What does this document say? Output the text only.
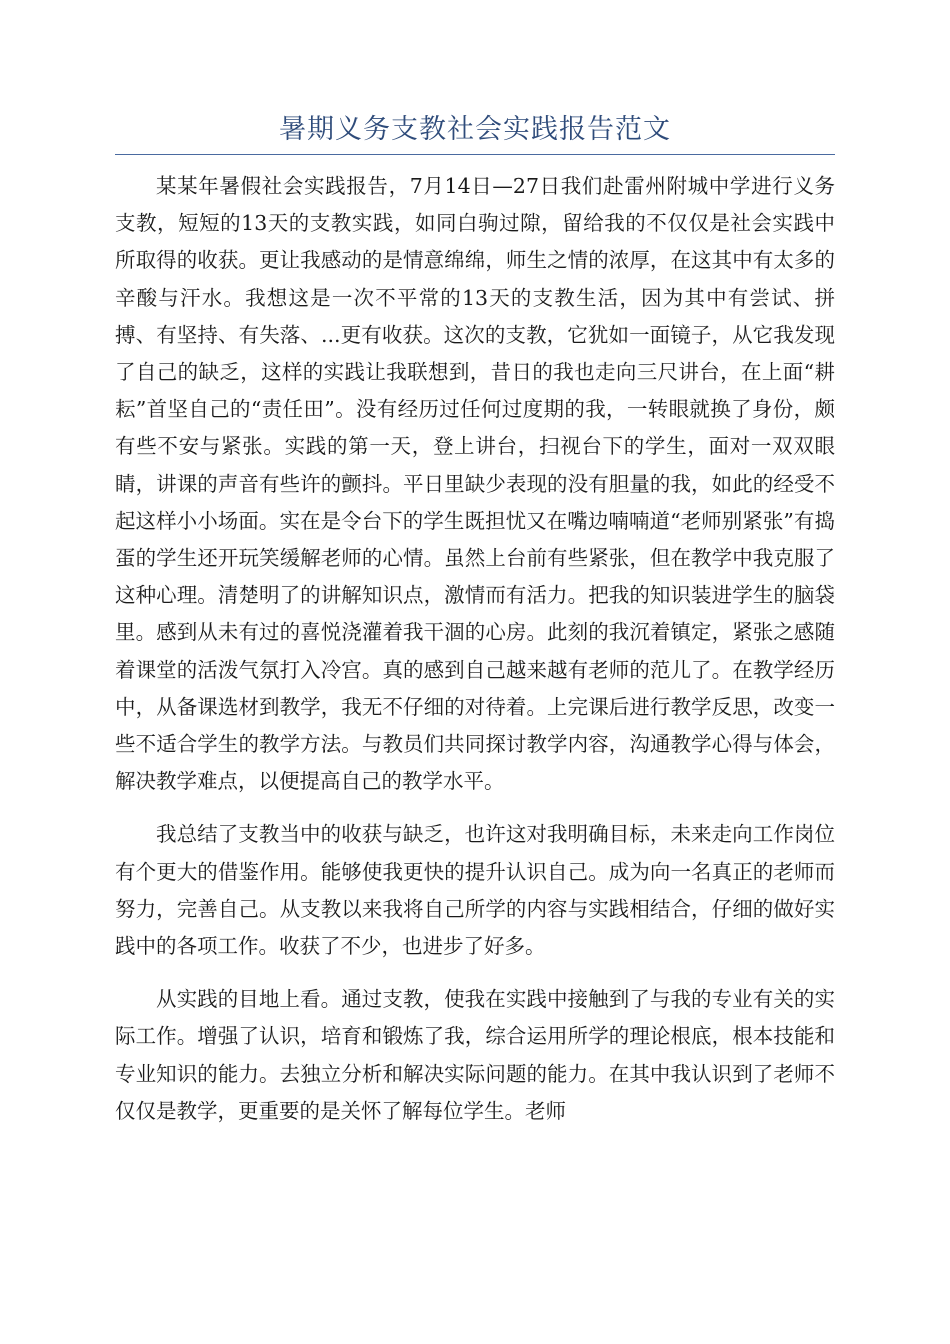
暑期义务支教社会实践报告范文

某某年暑假社会实践报告，7月14日—27日我们赴雷州附城中学进行义务支教，短短的13天的支教实践，如同白驹过隙，留给我的不仅仅是社会实践中所取得的收获。更让我感动的是情意绵绵，师生之情的浓厚，在这其中有太多的辛酸与汗水。我想这是一次不平常的13天的支教生活，因为其中有尝试、拼搏、有坚持、有失落、...更有收获。这次的支教，它犹如一面镜子，从它我发现了自己的缺乏，这样的实践让我联想到，昔日的我也走向三尺讲台，在上面“耕耘”首坚自己的“责任田”。没有经历过任何过度期的我，一转眼就换了身份，颇有些不安与紧张。实践的第一天，登上讲台，扫视台下的学生，面对一双双眼睛，讲课的声音有些许的颤抖。平日里缺少表现的没有胆量的我，如此的经受不起这样小小场面。实在是令台下的学生既担忧又在嘴边喃喃道“老师别紧张”有捣蛋的学生还开玩笑缓解老师的心情。虽然上台前有些紧张，但在教学中我克服了这种心理。清楚明了的讲解知识点，激情而有活力。把我的知识装进学生的脑袋里。感到从未有过的喜悦浇灌着我干涸的心房。此刻的我沉着镇定，紧张之感随着课堂的活泼气氛打入冷宫。真的感到自己越来越有老师的范儿了。在教学经历中，从备课选材到教学，我无不仔细的对待着。上完课后进行教学反思，改变一些不适合学生的教学方法。与教员们共同探讨教学内容，沟通教学心得与体会，解决教学难点，以便提高自己的教学水平。

我总结了支教当中的收获与缺乏，也许这对我明确目标，未来走向工作岗位有个更大的借鉴作用。能够使我更快的提升认识自己。成为向一名真正的老师而努力，完善自己。从支教以来我将自己所学的内容与实践相结合，仔细的做好实践中的各项工作。收获了不少，也进步了好多。

从实践的目地上看。通过支教，使我在实践中接触到了与我的专业有关的实际工作。增强了认识，培育和锻炼了我，综合运用所学的理论根底，根本技能和专业知识的能力。去独立分析和解决实际问题的能力。在其中我认识到了老师不仅仅是教学，更重要的是关怀了解每位学生。老师
